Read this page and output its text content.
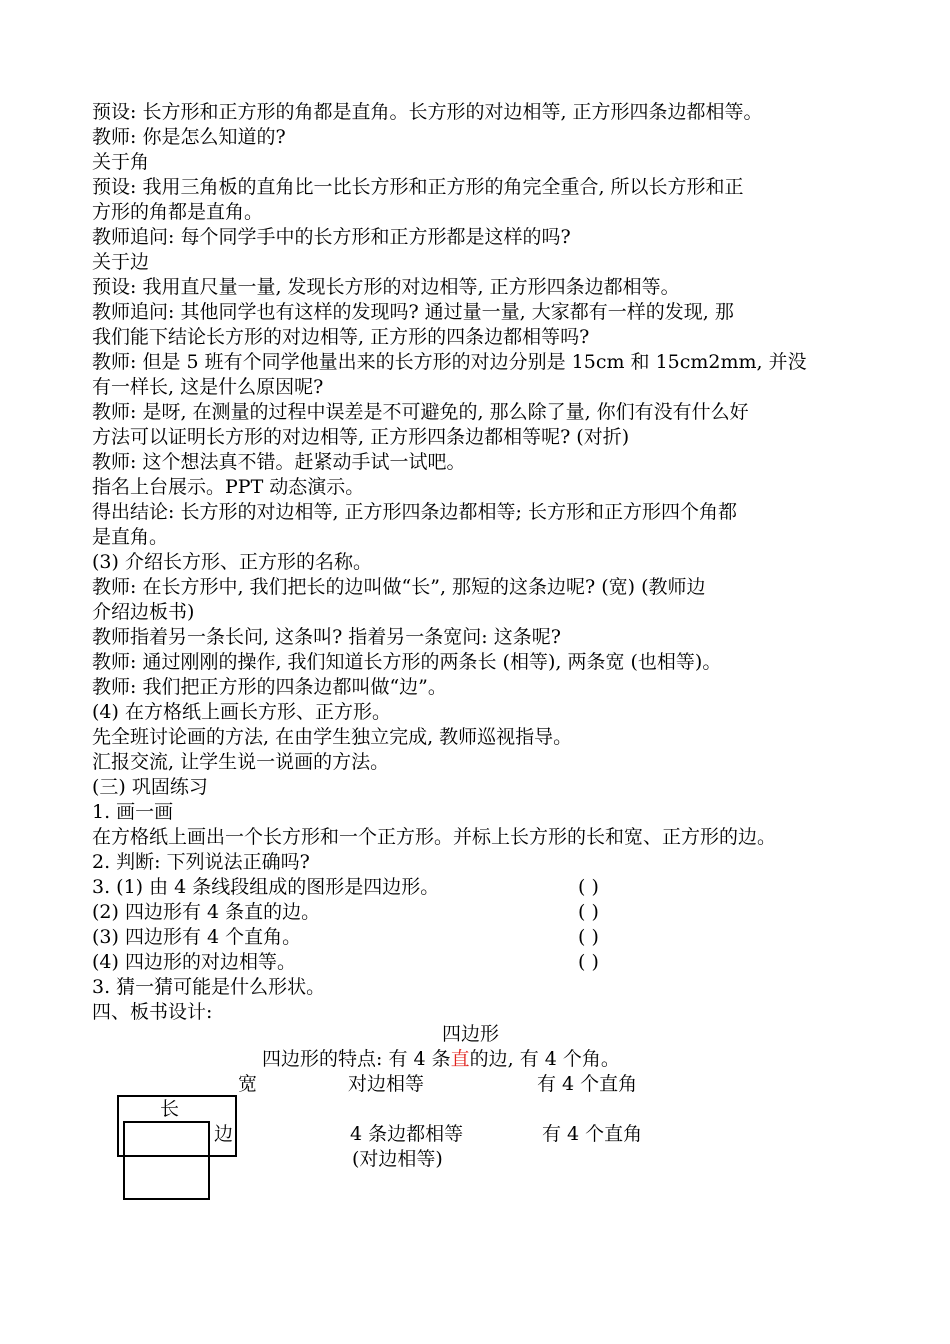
预设: 长方形和正方形的角都是直角。长方形的对边相等, 正方形四条边都相等。
教师: 你是怎么知道的?
关于角
预设: 我用三角板的直角比一比长方形和正方形的角完全重合, 所以长方形和正
方形的角都是直角。
教师追问: 每个同学手中的长方形和正方形都是这样的吗?
关于边
预设: 我用直尺量一量, 发现长方形的对边相等, 正方形四条边都相等。
教师追问: 其他同学也有这样的发现吗? 通过量一量, 大家都有一样的发现, 那
我们能下结论长方形的对边相等, 正方形的四条边都相等吗?
教师: 但是 5 班有个同学他量出来的长方形的对边分别是 15cm 和 15cm2mm, 并没
有一样长, 这是什么原因呢?
教师: 是呀, 在测量的过程中误差是不可避免的, 那么除了量, 你们有没有什么好
方法可以证明长方形的对边相等, 正方形四条边都相等呢? (对折)
教师: 这个想法真不错。赶紧动手试一试吧。
指名上台展示。PPT 动态演示。
得出结论: 长方形的对边相等, 正方形四条边都相等; 长方形和正方形四个角都
是直角。
(3) 介绍长方形、正方形的名称。
教师: 在长方形中, 我们把长的边叫做“长”, 那短的这条边呢? (宽) (教师边
介绍边板书)
教师指着另一条长问, 这条叫? 指着另一条宽问: 这条呢?
教师: 通过刚刚的操作, 我们知道长方形的两条长 (相等), 两条宽 (也相等)。
教师: 我们把正方形的四条边都叫做“边”。
(4) 在方格纸上画长方形、正方形。
先全班讨论画的方法, 在由学生独立完成, 教师巡视指导。
汇报交流, 让学生说一说画的方法。
(三) 巩固练习
1. 画一画
在方格纸上画出一个长方形和一个正方形。并标上长方形的长和宽、正方形的边。
2. 判断: 下列说法正确吗?
3. (1) 由 4 条线段组成的图形是四边形。
(2) 四边形有 4 条直的边。
(3) 四边形有 4 个直角。
(4) 四边形的对边相等。
3. 猜一猜可能是什么形状。
四、板书设计:
( )
( )
( )
( )
四边形
四边形的特点: 有 4 条直的边, 有 4 个角。
宽
长
边
对边相等	有 4 个直角
4 条边都相等	有 4 个直角
(对边相等)
